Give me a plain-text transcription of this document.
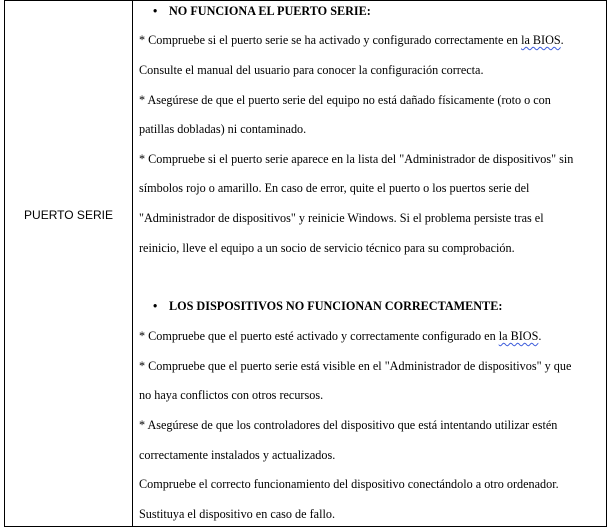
PUERTO SERIE

• NO FUNCIONA EL PUERTO SERIE:
* Compruebe si el puerto serie se ha activado y configurado correctamente en la BIOS.
Consulte el manual del usuario para conocer la configuración correcta.
* Asegúrese de que el puerto serie del equipo no está dañado físicamente (roto o con
patillas dobladas) ni contaminado.
* Compruebe si el puerto serie aparece en la lista del "Administrador de dispositivos" sin
símbolos rojo o amarillo. En caso de error, quite el puerto o los puertos serie del
"Administrador de dispositivos" y reinicie Windows. Si el problema persiste tras el
reinicio, lleve el equipo a un socio de servicio técnico para su comprobación.
• LOS DISPOSITIVOS NO FUNCIONAN CORRECTAMENTE:
* Compruebe que el puerto esté activado y correctamente configurado en la BIOS.
* Compruebe que el puerto serie está visible en el "Administrador de dispositivos" y que
no haya conflictos con otros recursos.
* Asegúrese de que los controladores del dispositivo que está intentando utilizar estén
correctamente instalados y actualizados.
Compruebe el correcto funcionamiento del dispositivo conectándolo a otro ordenador.
Sustituya el dispositivo en caso de fallo.
